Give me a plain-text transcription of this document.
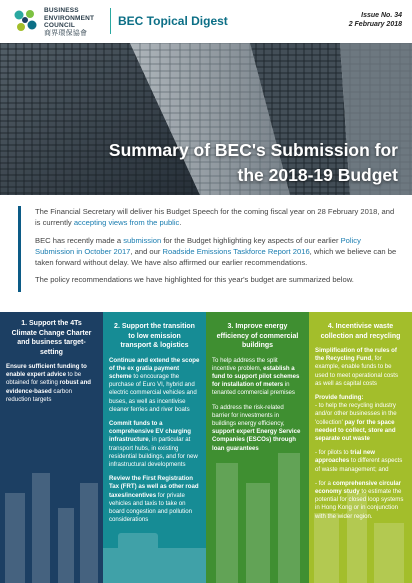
BUSINESS
ENVIRONMENT
COUNCIL
商界環保協會
BEC Topical Digest	Issue No. 34
2 February 2018
Summary of BEC's Submission for
the 2018-19 Budget

The Financial Secretary will deliver his Budget Speech for the coming fiscal year on 28 February 2018, and is currently accepting views from the public.

BEC has recently made a submission for the Budget highlighting key aspects of our earlier Policy Submission in October 2017, and our Roadside Emissions Taskforce Report 2016, which we believe can be taken forward without delay. We have also affirmed our earlier recommendations.

The policy recommendations we have highlighted for this year's budget are summarized below.

1. Support the 4Ts Climate Change Charter and business target-setting

Ensure sufficient funding to enable expert advice to be obtained for setting robust and evidence-based carbon reduction targets

2. Support the transition to low emission transport & logistics

Continue and extend the scope of the ex gratia payment scheme to encourage the purchase of Euro VI, hybrid and electric commercial vehicles and buses, as well as incentivise cleaner ferries and river boats

Commit funds to a comprehensive EV charging infrastructure, in particular at transport hubs, in existing residential buildings, and for new infrastructural developments

Review the First Registration Tax (FRT) as well as other road taxes/incentives for private vehicles and taxis to take on board congestion and pollution considerations

3. Improve energy efficiency of commercial buildings

To help address the split incentive problem, establish a fund to support pilot schemes for installation of meters in tenanted commercial premises

To address the risk-related barrier for investments in buildings energy efficiency, support expert Energy Service Companies (ESCOs) through loan guarantees

4. Incentivise waste collection and recycling

Simplification of the rules of the Recycling Fund, for example, enable funds to be used to meet operational costs as well as capital costs

Provide funding:
- to help the recycling industry and/or other businesses in the 'collection' pay for the space needed to collect, store and separate out waste

- for pilots to trial new approaches to different aspects of waste management; and

- for a comprehensive circular economy study to estimate the potential for closed loop systems in Hong Kong or in conjunction with the wider region.
